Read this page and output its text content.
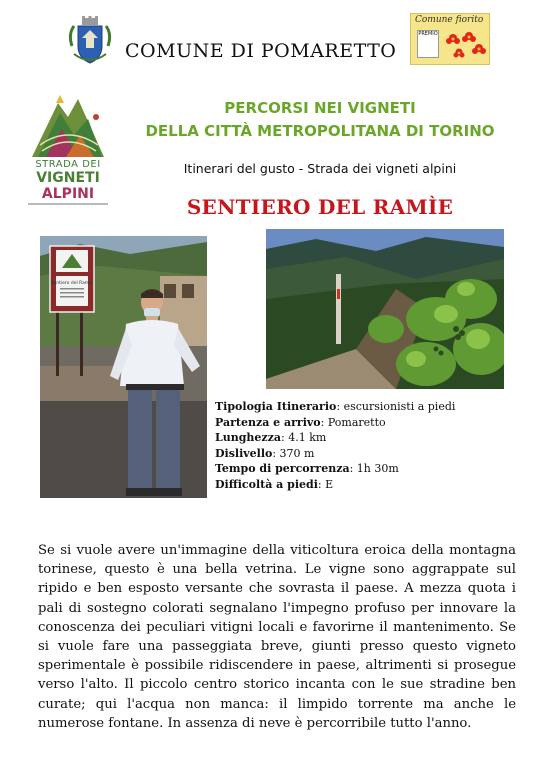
COMUNE DI POMARETTO
Comune fiorito
PREMIO
STRADA DEI
VIGNETI
ALPINI
PERCORSI NEI VIGNETI
DELLA CITTÀ METROPOLITANA DI TORINO
Itinerari del gusto - Strada dei vigneti alpini
SENTIERO DEL RAMÌE
Sentiero del Ramie
Tipologia Itinerario: escursionisti a piedi
Partenza e arrivo: Pomaretto
Lunghezza: 4.1 km
Dislivello: 370 m
Tempo di percorrenza: 1h 30m
Difficoltà a piedi: E
Se si vuole avere un'immagine della viticoltura eroica della montagna torinese, questo è una bella vetrina. Le vigne sono aggrappate sul ripido e ben esposto versante che sovrasta il paese. A mezza quota i pali di sostegno colorati segnalano l'impegno profuso per innovare la conoscenza dei peculiari vitigni locali e favorirne il mantenimento. Se si vuole fare una passeggiata breve, giunti presso questo vigneto sperimentale è possibile ridiscendere in paese, altrimenti si prosegue verso l'alto. Il piccolo centro storico incanta con le sue stradine ben curate; qui l'acqua non manca: il limpido torrente ma anche le numerose fontane. In assenza di neve è percorribile tutto l'anno.
